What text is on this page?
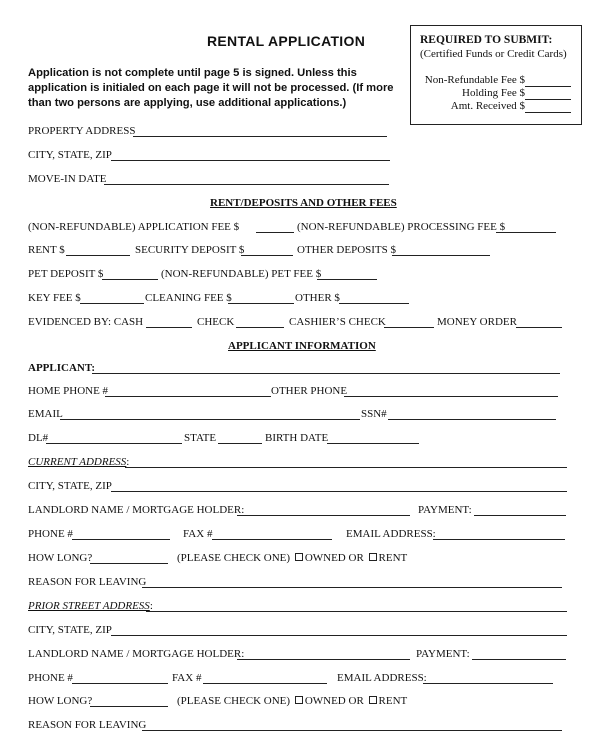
RENTAL APPLICATION
Application is not complete until page 5 is signed. Unless this application is initialed on each page it will not be processed. (If more than two persons are applying, use additional applications.)
REQUIRED TO SUBMIT:
(Certified Funds or Credit Cards)
Non-Refundable Fee $
Holding Fee $
Amt. Received $
PROPERTY ADDRESS
CITY, STATE, ZIP
MOVE-IN DATE
RENT/DEPOSITS AND OTHER FEES
(NON-REFUNDABLE) APPLICATION FEE $	(NON-REFUNDABLE) PROCESSING FEE $
RENT $	SECURITY DEPOSIT $	OTHER DEPOSITS $
PET DEPOSIT $	(NON-REFUNDABLE) PET FEE $
KEY FEE $	CLEANING FEE $	OTHER $
EVIDENCED BY: CASH	CHECK	CASHIER’S CHECK	MONEY ORDER
APPLICANT INFORMATION
APPLICANT:
HOME PHONE #	OTHER PHONE
EMAIL	SSN#
DL#	STATE	BIRTH DATE
CURRENT ADDRESS:
CITY, STATE, ZIP
LANDLORD NAME / MORTGAGE HOLDER:	PAYMENT:
PHONE #	FAX #	EMAIL ADDRESS:
HOW LONG?	(PLEASE CHECK ONE) OWNED OR RENT
REASON FOR LEAVING
PRIOR STREET ADDRESS:
CITY, STATE, ZIP
LANDLORD NAME / MORTGAGE HOLDER:	PAYMENT:
PHONE #	FAX #	EMAIL ADDRESS:
HOW LONG?	(PLEASE CHECK ONE) OWNED OR RENT
REASON FOR LEAVING
